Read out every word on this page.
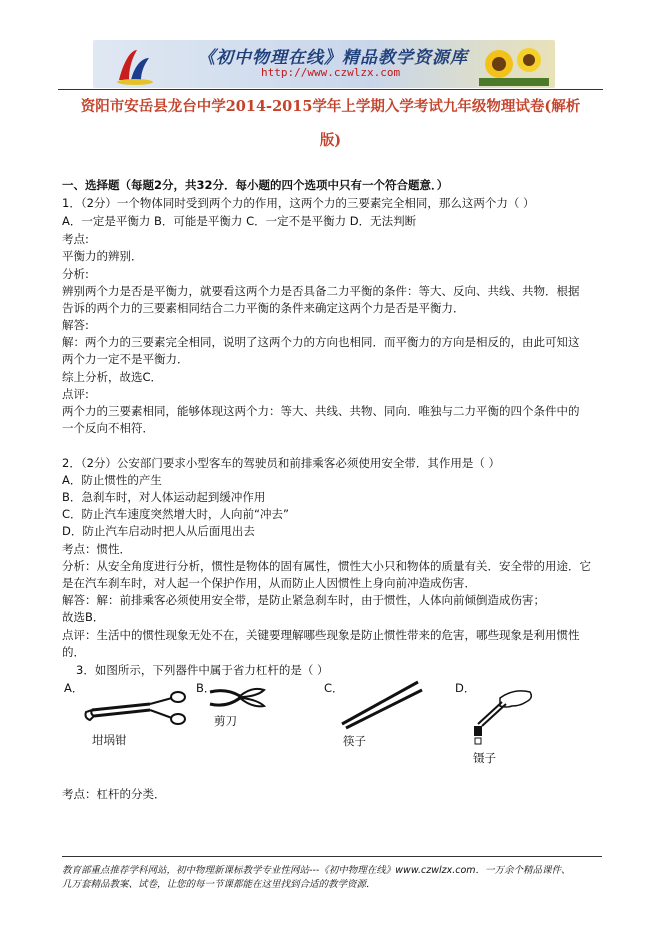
《初中物理在线》精品教学资源库
http://www.czwlzx.com
资阳市安岳县龙台中学2014-2015学年上学期入学考试九年级物理试卷(解析
版)
一、选择题（每题2分，共32分．每小题的四个选项中只有一个符合题意．）
1．（2分）一个物体同时受到两个力的作用，这两个力的三要素完全相同，那么这两个力（ ）
A．一定是平衡力 B．可能是平衡力 C．一定不是平衡力 D．无法判断
考点:
平衡力的辨别．
分析:
辨别两个力是否是平衡力，就要看这两个力是否具备二力平衡的条件：等大、反向、共线、共物．根据
告诉的两个力的三要素相同结合二力平衡的条件来确定这两个力是否是平衡力．
解答:
解：两个力的三要素完全相同，说明了这两个力的方向也相同．而平衡力的方向是相反的，由此可知这
两个力一定不是平衡力．
综上分析，故选C．
点评:
两个力的三要素相同，能够体现这两个力：等大、共线、共物、同向．唯独与二力平衡的四个条件中的
一个反向不相符．
2．（2分）公安部门要求小型客车的驾驶员和前排乘客必须使用安全带．其作用是（ ）
A．防止惯性的产生
B．急刹车时，对人体运动起到缓冲作用
C．防止汽车速度突然增大时，人向前“冲去”
D．防止汽车启动时把人从后面甩出去
考点：惯性．
分析：从安全角度进行分析，惯性是物体的固有属性，惯性大小只和物体的质量有关．安全带的用途．它
是在汽车刹车时，对人起一个保护作用，从而防止人因惯性上身向前冲造成伤害．
解答：解：前排乘客必须使用安全带，是防止紧急刹车时，由于惯性，人体向前倾倒造成伤害；
故选B．
点评：生活中的惯性现象无处不在，关键要理解哪些现象是防止惯性带来的危害，哪些现象是利用惯性
的．
3．如图所示，下列器件中属于省力杠杆的是（ ）
A．	B．	C．	D．
坩埚钳
剪刀
筷子
镊子
考点：杠杆的分类．
教育部重点推荐学科网站，初中物理新课标教学专业性网站---《初中物理在线》www.czwlzx.com．一万余个精品课件、
几万套精品教案、试卷，让您的每一节课都能在这里找到合适的教学资源．
